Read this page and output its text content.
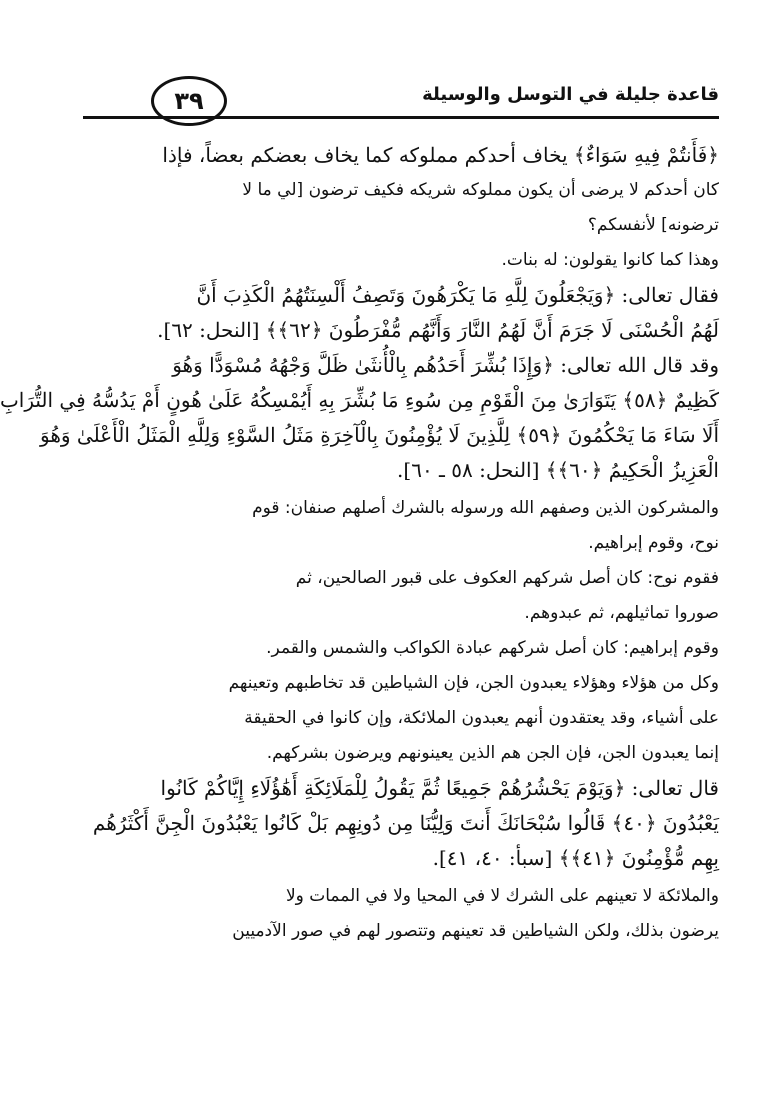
قاعدة جليلة في التوسل والوسيلة
٣٩
﴿فَأَنتُمْ فِيهِ سَوَاءٌ﴾ يخاف أحدكم مملوكه كما يخاف بعضكم بعضاً، فإذا
كان أحدكم لا يرضى أن يكون مملوكه شريكه فكيف ترضون [لي ما لا
ترضونه] لأنفسكم؟
وهذا كما كانوا يقولون: له بنات.
فقال تعالى: ﴿وَيَجْعَلُونَ لِلَّهِ مَا يَكْرَهُونَ وَتَصِفُ أَلْسِنَتُهُمُ الْكَذِبَ أَنَّ
لَهُمُ الْحُسْنَى لَا جَرَمَ أَنَّ لَهُمُ النَّارَ وَأَنَّهُم مُّفْرَطُونَ ﴿٦٢﴾﴾ [النحل: ٦٢].
وقد قال الله تعالى: ﴿وَإِذَا بُشِّرَ أَحَدُهُم بِالْأُنثَىٰ ظَلَّ وَجْهُهُ مُسْوَدًّا وَهُوَ
كَظِيمٌ ﴿٥٨﴾ يَتَوَارَىٰ مِنَ الْقَوْمِ مِن سُوءِ مَا بُشِّرَ بِهِ أَيُمْسِكُهُ عَلَىٰ هُونٍ أَمْ يَدُسُّهُ فِي التُّرَابِ
أَلَا سَاءَ مَا يَحْكُمُونَ ﴿٥٩﴾ لِلَّذِينَ لَا يُؤْمِنُونَ بِالْآخِرَةِ مَثَلُ السَّوْءِ وَلِلَّهِ الْمَثَلُ الْأَعْلَىٰ وَهُوَ
الْعَزِيزُ الْحَكِيمُ ﴿٦٠﴾﴾ [النحل: ٥٨ ـ ٦٠].
والمشركون الذين وصفهم الله ورسوله بالشرك أصلهم صنفان: قوم
نوح، وقوم إبراهيم.
فقوم نوح: كان أصل شركهم العكوف على قبور الصالحين، ثم
صوروا تماثيلهم، ثم عبدوهم.
وقوم إبراهيم: كان أصل شركهم عبادة الكواكب والشمس والقمر.
وكل من هؤلاء وهؤلاء يعبدون الجن، فإن الشياطين قد تخاطبهم وتعينهم
على أشياء، وقد يعتقدون أنهم يعبدون الملائكة، وإن كانوا في الحقيقة
إنما يعبدون الجن، فإن الجن هم الذين يعينونهم ويرضون بشركهم.
قال تعالى: ﴿وَيَوْمَ يَحْشُرُهُمْ جَمِيعًا ثُمَّ يَقُولُ لِلْمَلَائِكَةِ أَهَٰؤُلَاءِ إِيَّاكُمْ كَانُوا
يَعْبُدُونَ ﴿٤٠﴾ قَالُوا سُبْحَانَكَ أَنتَ وَلِيُّنَا مِن دُونِهِم بَلْ كَانُوا يَعْبُدُونَ الْجِنَّ أَكْثَرُهُم
بِهِم مُّؤْمِنُونَ ﴿٤١﴾﴾ [سبأ: ٤٠، ٤١].
والملائكة لا تعينهم على الشرك لا في المحيا ولا في الممات ولا
يرضون بذلك، ولكن الشياطين قد تعينهم وتتصور لهم في صور الآدميين
